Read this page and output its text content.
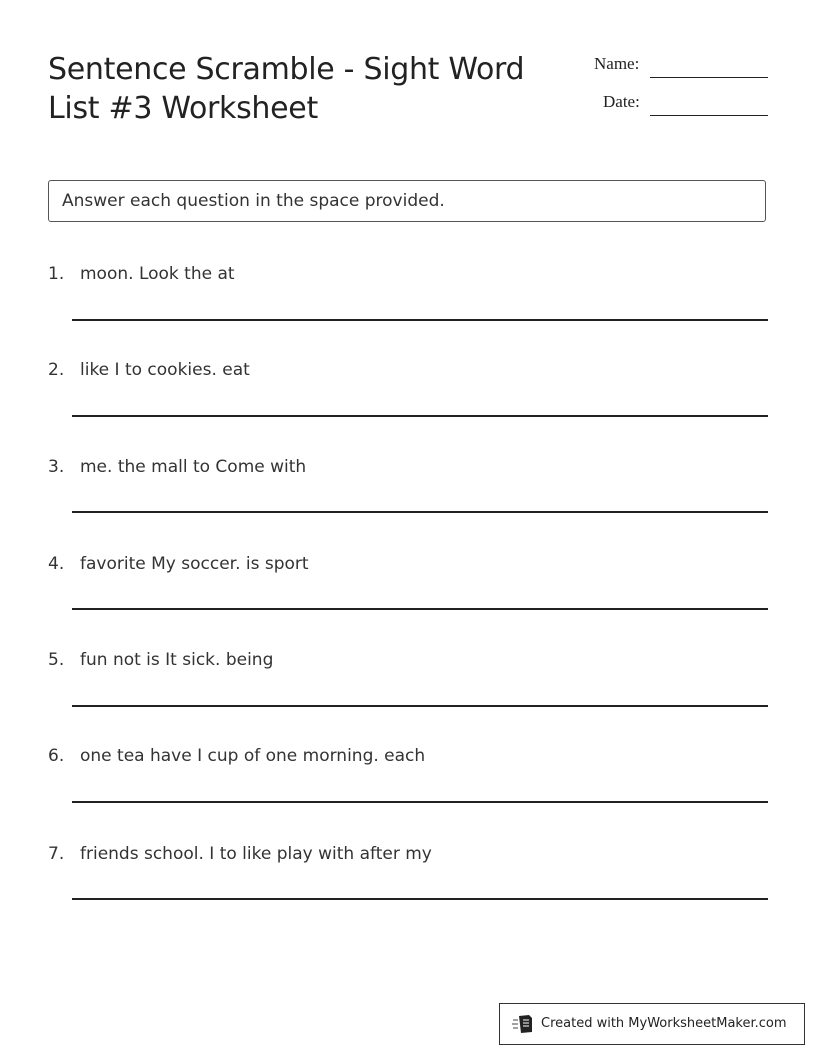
Sentence Scramble - Sight Word List #3 Worksheet
Name:
Date:
Answer each question in the space provided.
1. moon. Look the at
2. like I to cookies. eat
3. me. the mall to Come with
4. favorite My soccer. is sport
5. fun not is It sick. being
6. one tea have I cup of one morning. each
7. friends school. I to like play with after my
Created with MyWorksheetMaker.com
